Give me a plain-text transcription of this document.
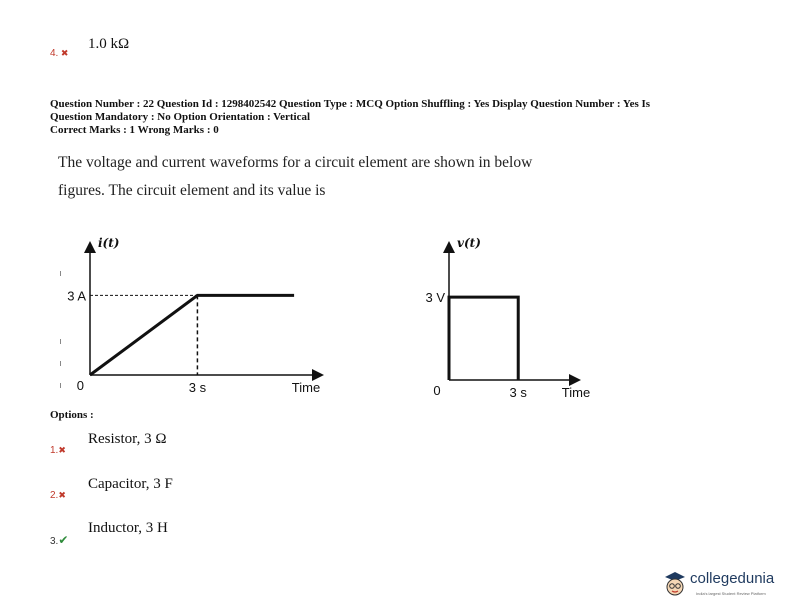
4. ✖
1.0 kΩ
Question Number : 22 Question Id : 1298402542 Question Type : MCQ Option Shuffling : Yes Display Question Number : Yes Is
Question Mandatory : No Option Orientation : Vertical
Correct Marks : 1 Wrong Marks : 0
The voltage and current waveforms for a circuit element are shown in below
figures. The circuit element and its value is
3 A
0	3 s	Time
i(t)
3 V
0	3 s	Time
v(t)
Options :
1.✖
Resistor, 3 Ω
2.✖
Capacitor, 3 F
3.✔
Inductor, 3 H
collegedunia
India's largest Student Review Platform
